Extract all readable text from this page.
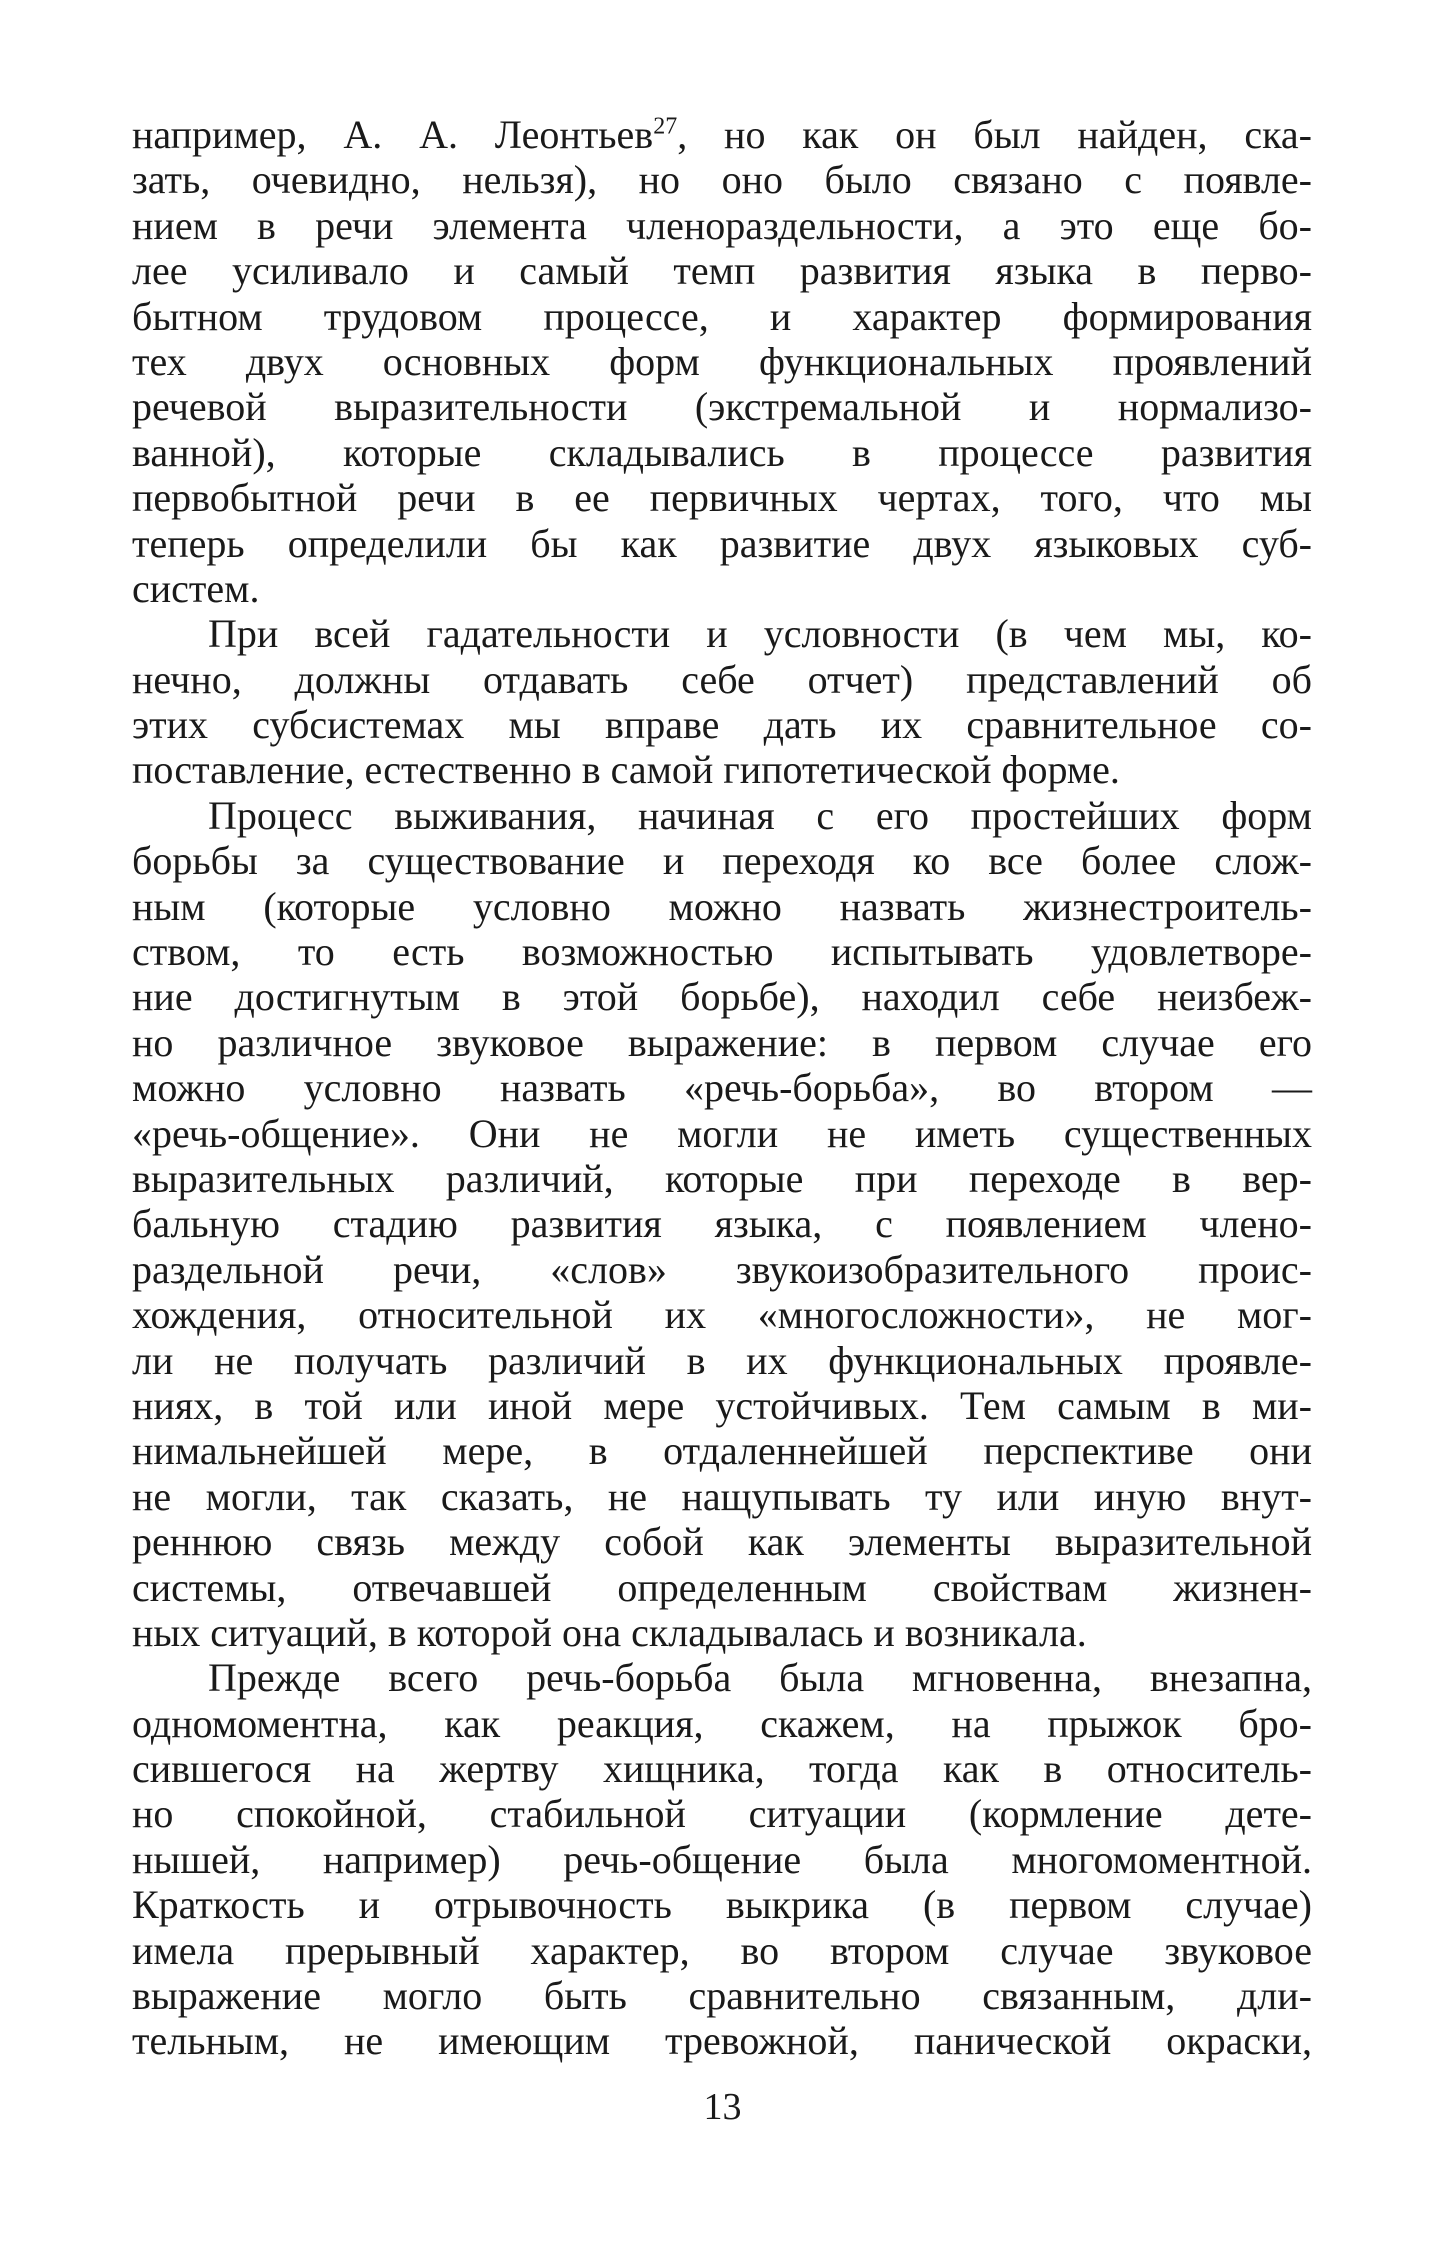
например, А. А. Леонтьев$^{27}$, но как он был найден, ска-
зать, очевидно, нельзя), но оно было связано с появле-
нием в речи элемента членораздельности, а это еще бо-
лее усиливало и самый темп развития языка в перво-
бытном трудовом процессе, и характер формирования
тех двух основных форм функциональных проявлений
речевой выразительности (экстремальной и нормализо-
ванной), которые складывались в процессе развития
первобытной речи в ее первичных чертах, того, что мы
теперь определили бы как развитие двух языковых суб-
систем.
При всей гадательности и условности (в чем мы, ко-
нечно, должны отдавать себе отчет) представлений об
этих субсистемах мы вправе дать их сравнительное со-
поставление, естественно в самой гипотетической форме.
Процесс выживания, начиная с его простейших форм
борьбы за существование и переходя ко все более слож-
ным (которые условно можно назвать жизнестроитель-
ством, то есть возможностью испытывать удовлетворе-
ние достигнутым в этой борьбе), находил себе неизбеж-
но различное звуковое выражение: в первом случае его
можно условно назвать «речь-борьба», во втором —
«речь-общение». Они не могли не иметь существенных
выразительных различий, которые при переходе в вер-
бальную стадию развития языка, с появлением члено-
раздельной речи, «слов» звукоизобразительного проис-
хождения, относительной их «многосложности», не мог-
ли не получать различий в их функциональных проявле-
ниях, в той или иной мере устойчивых. Тем самым в ми-
нимальнейшей мере, в отдаленнейшей перспективе они
не могли, так сказать, не нащупывать ту или иную внут-
реннюю связь между собой как элементы выразительной
системы, отвечавшей определенным свойствам жизнен-
ных ситуаций, в которой она складывалась и возникала.
Прежде всего речь-борьба была мгновенна, внезапна,
одномоментна, как реакция, скажем, на прыжок бро-
сившегося на жертву хищника, тогда как в относитель-
но спокойной, стабильной ситуации (кормление дете-
нышей, например) речь-общение была многомоментной.
Краткость и отрывочность выкрика (в первом случае)
имела прерывный характер, во втором случае звуковое
выражение могло быть сравнительно связанным, дли-
тельным, не имеющим тревожной, панической окраски,
13
